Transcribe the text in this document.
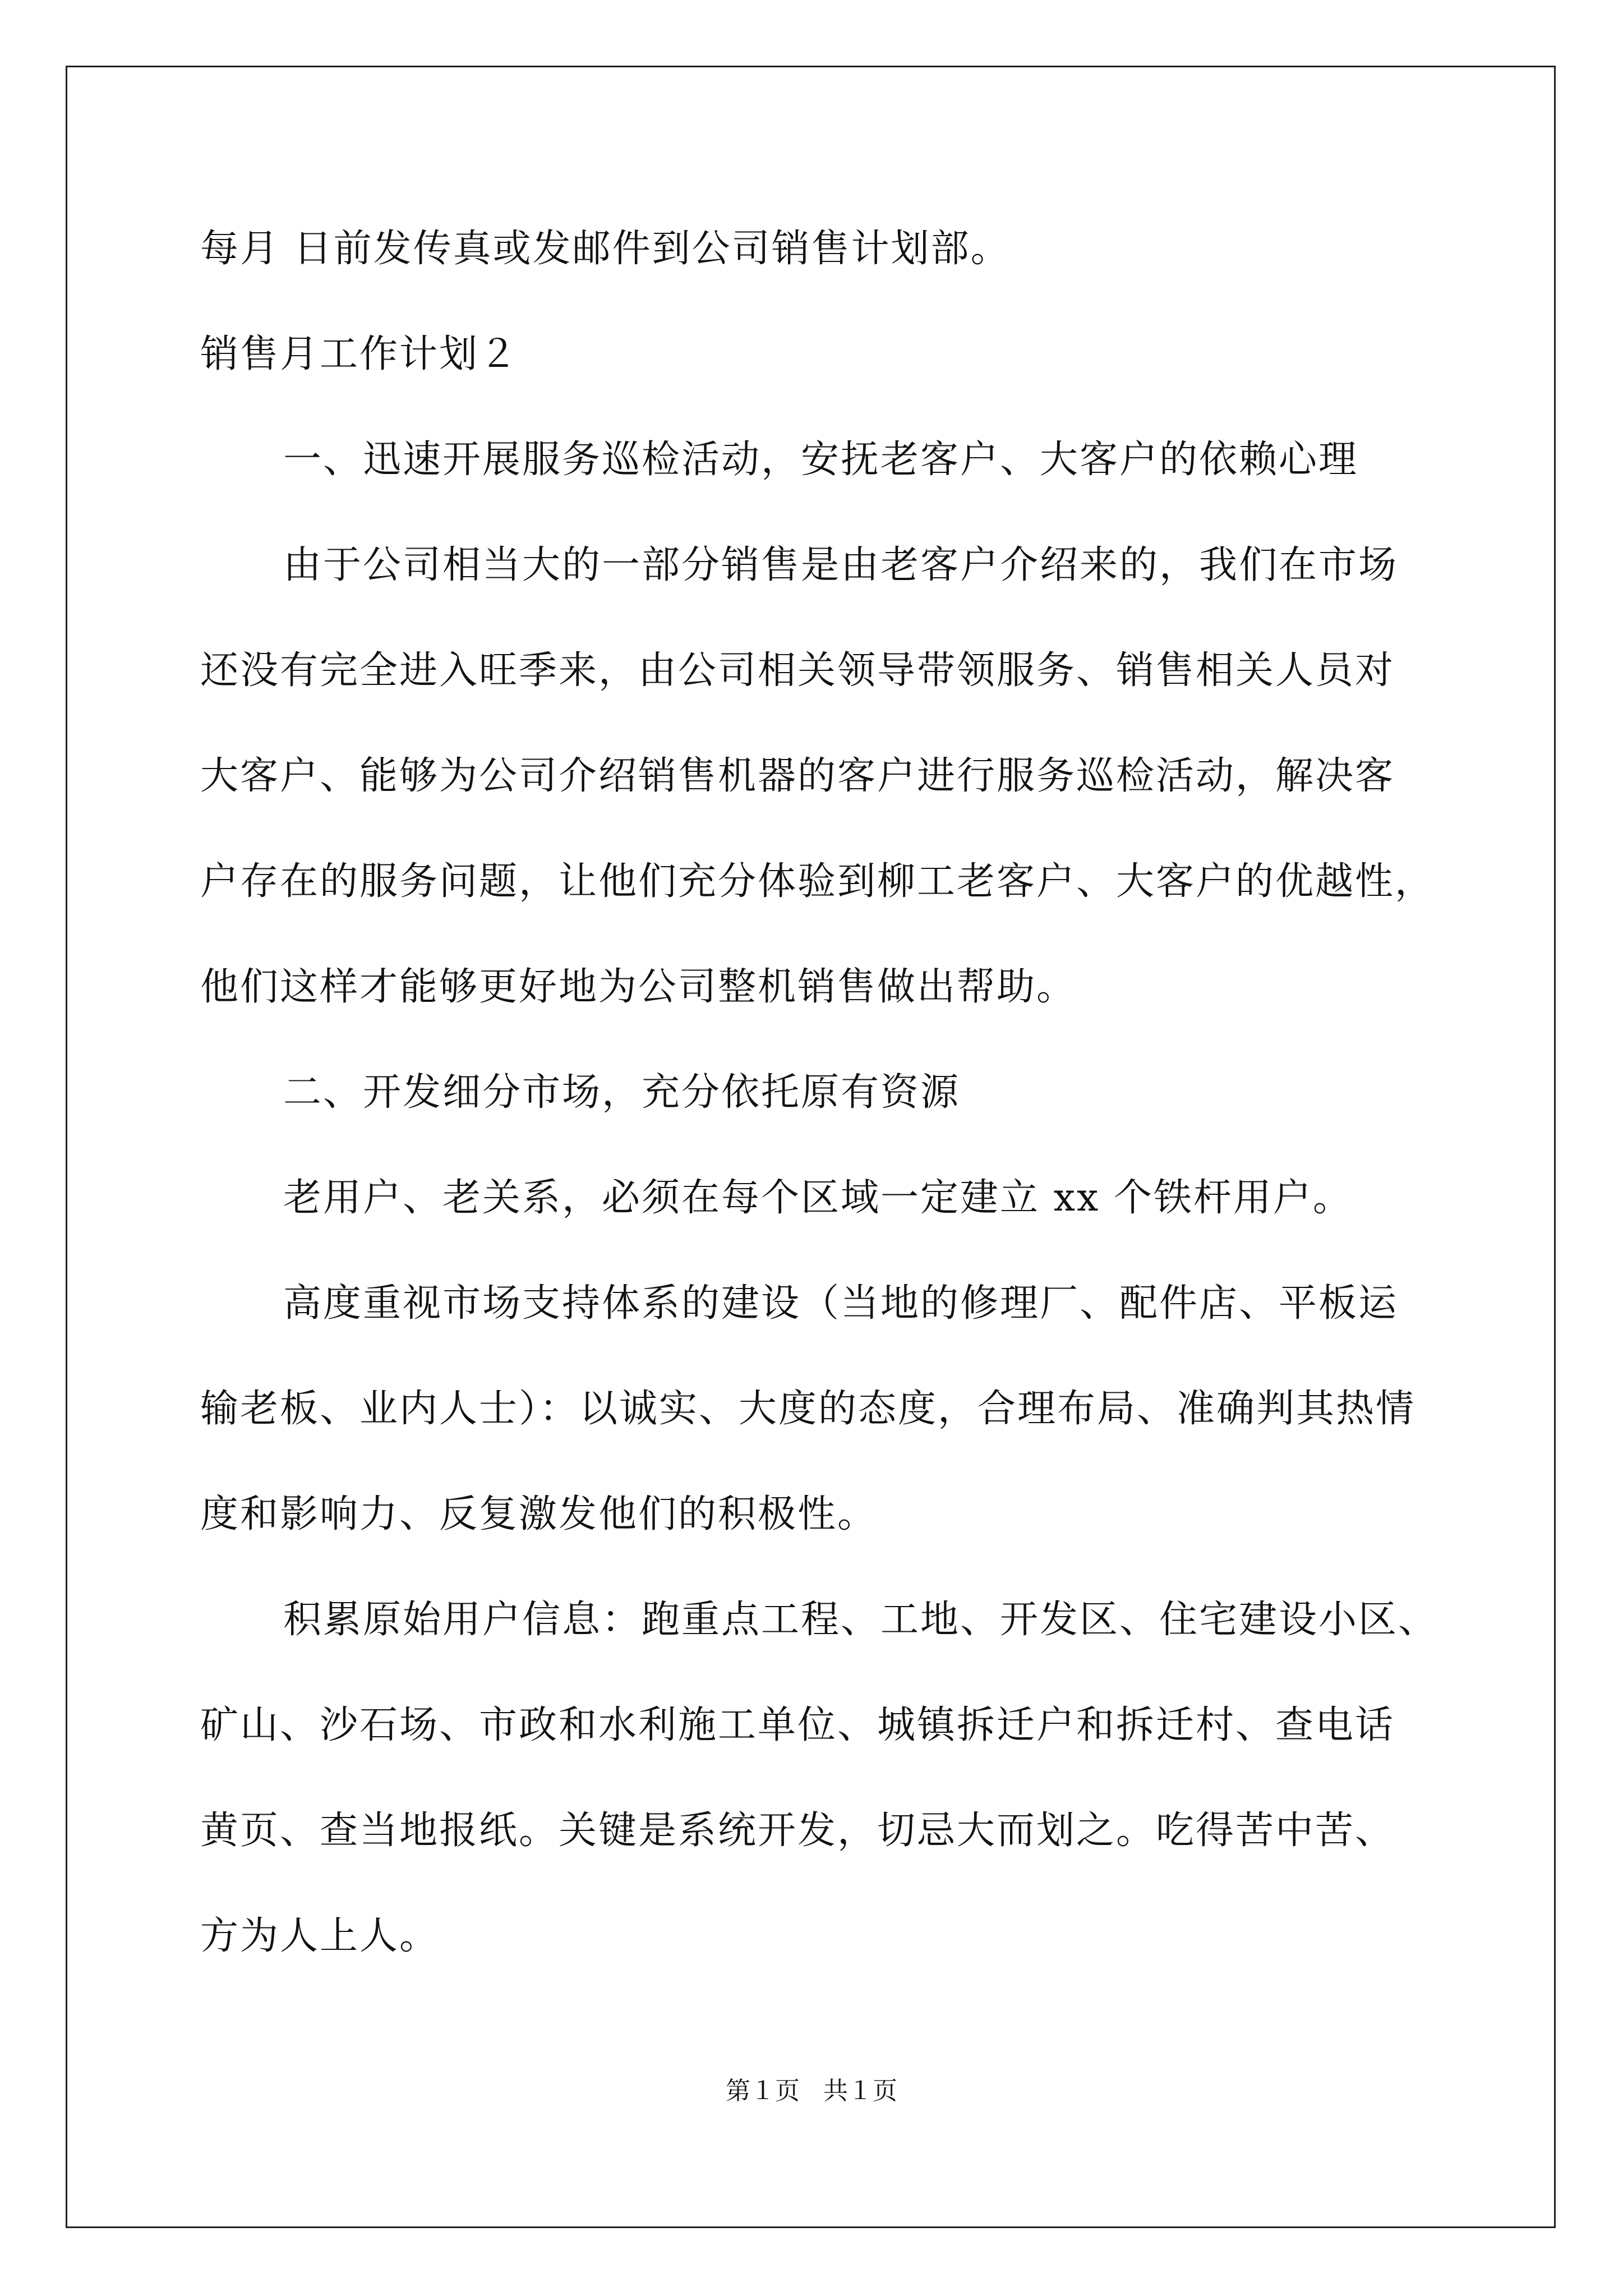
每月 日前发传真或发邮件到公司销售计划部。
销售月工作计划２
一、迅速开展服务巡检活动，安抚老客户、大客户的依赖心理
由于公司相当大的一部分销售是由老客户介绍来的，我们在市场
还没有完全进入旺季来，由公司相关领导带领服务、销售相关人员对
大客户、能够为公司介绍销售机器的客户进行服务巡检活动，解决客
户存在的服务问题，让他们充分体验到柳工老客户、大客户的优越性，
他们这样才能够更好地为公司整机销售做出帮助。
二、开发细分市场，充分依托原有资源
老用户、老关系，必须在每个区域一定建立 xx 个铁杆用户。
高度重视市场支持体系的建设（当地的修理厂、配件店、平板运
输老板、业内人士）：以诚实、大度的态度，合理布局、准确判其热情
度和影响力、反复激发他们的积极性。
积累原始用户信息：跑重点工程、工地、开发区、住宅建设小区、
矿山、沙石场、市政和水利施工单位、城镇拆迁户和拆迁村、查电话
黄页、查当地报纸。关键是系统开发，切忌大而划之。吃得苦中苦、
方为人上人。
第１页 共１页
